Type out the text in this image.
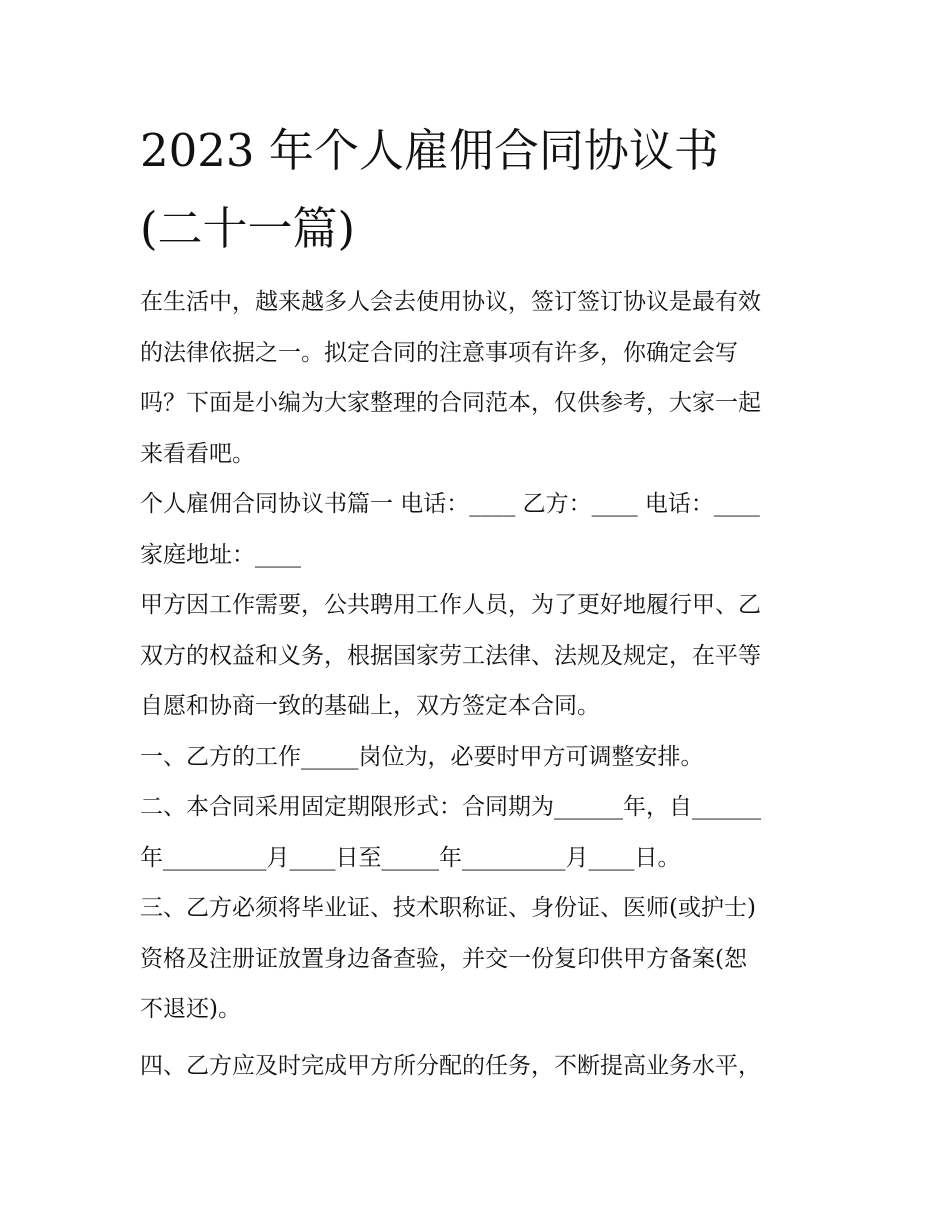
2023 年个人雇佣合同协议书
(二十一篇)
在生活中，越来越多人会去使用协议，签订签订协议是最有效
的法律依据之一。拟定合同的注意事项有许多，你确定会写
吗？下面是小编为大家整理的合同范本，仅供参考，大家一起
来看看吧。
个人雇佣合同协议书篇一 电话：____ 乙方：____ 电话：____
家庭地址：____
甲方因工作需要，公共聘用工作人员，为了更好地履行甲、乙
双方的权益和义务，根据国家劳工法律、法规及规定，在平等
自愿和协商一致的基础上，双方签定本合同。
一、乙方的工作_____岗位为，必要时甲方可调整安排。
二、本合同采用固定期限形式：合同期为______年，自______
年_________月____日至_____年_________月____日。
三、乙方必须将毕业证、技术职称证、身份证、医师(或护士)
资格及注册证放置身边备查验，并交一份复印供甲方备案(恕
不退还)。
四、乙方应及时完成甲方所分配的任务，不断提高业务水平，
